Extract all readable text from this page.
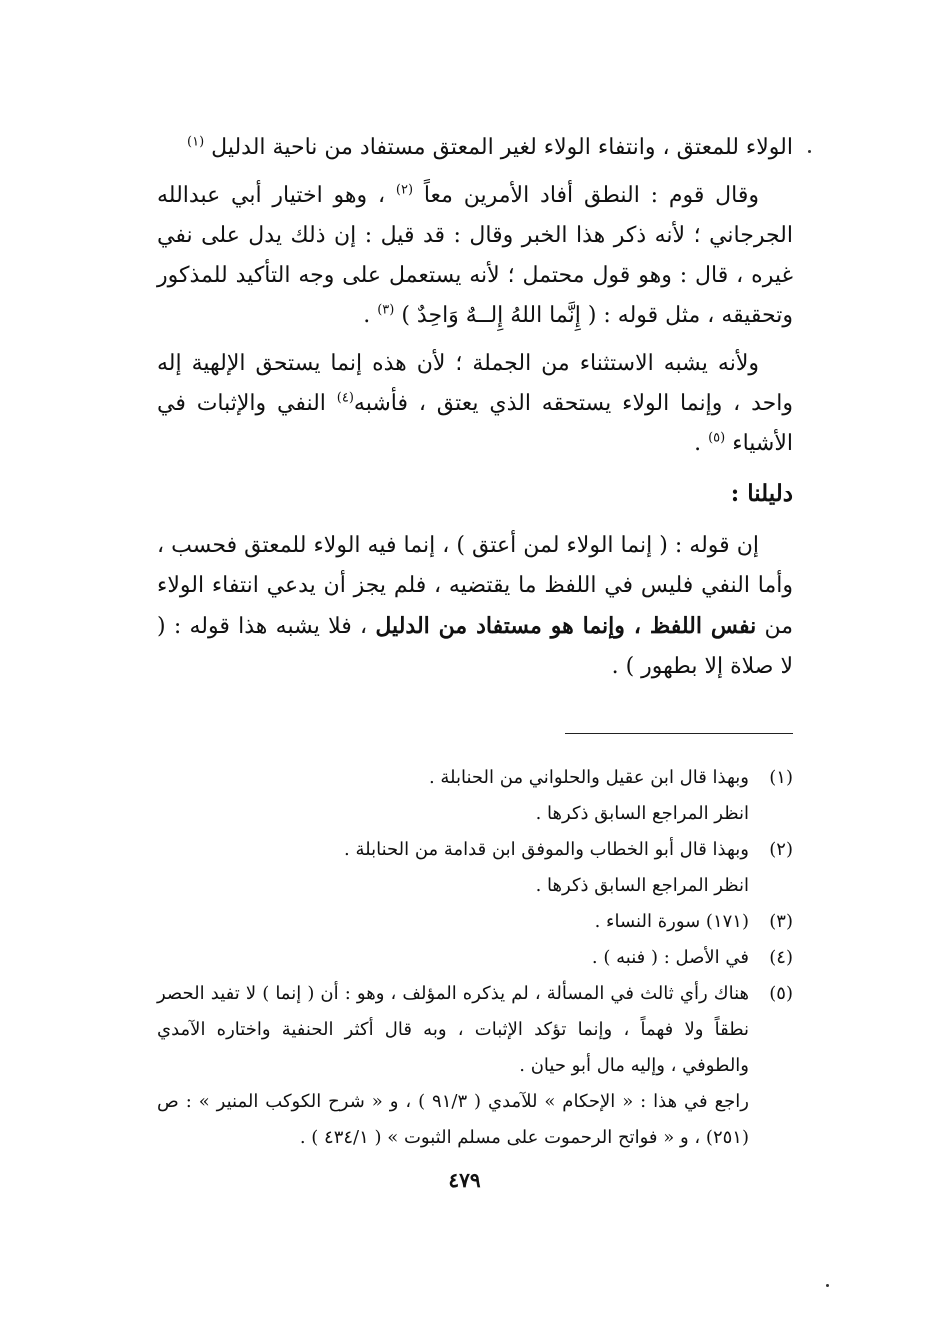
الولاء للمعتق ، وانتفاء الولاء لغير المعتق مستفاد من ناحية الدليل $^{(١)}$

وقال قوم : النطق أفاد الأمرين معاً $^{(٢)}$ ، وهو اختيار أبي عبدالله الجرجاني ؛ لأنه ذكر هذا الخبر وقال : قد قيل : إن ذلك يدل على نفي غيره ، قال : وهو قول محتمل ؛ لأنه يستعمل على وجه التأكيد للمذكور وتحقيقه ، مثل قوله : ( إِنَّما اللهُ إِلــهٌ وَاحِدٌ ) $^{(٣)}$ .

ولأنه يشبه الاستثناء من الجملة ؛ لأن هذه إنما يستحق الإلهية إله واحد ، وإنما الولاء يستحقه الذي يعتق ، فأشبه$^{(٤)}$ النفي والإثبات في الأشياء $^{(٥)}$ .

دليلنا :

إن قوله : ( إنما الولاء لمن أعتق ) ، إنما فيه الولاء للمعتق فحسب ، وأما النفي فليس في اللفظ ما يقتضيه ، فلم يجز أن يدعي انتفاء الولاء من نفس اللفظ ، وإنما هو مستفاد من الدليل ، فلا يشبه هذا قوله : ( لا صلاة إلا بطهور ) .

(١)
وبهذا قال ابن عقيل والحلواني من الحنابلة .
انظر المراجع السابق ذكرها .
(٢)
وبهذا قال أبو الخطاب والموفق ابن قدامة من الحنابلة .
انظر المراجع السابق ذكرها .
(٣)
(١٧١) سورة النساء .
(٤)
في الأصل : ( فنبه ) .
(٥)
هناك رأي ثالث في المسألة ، لم يذكره المؤلف ، وهو : أن ( إنما ) لا تفيد الحصر نطقاً ولا فهماً ، وإنما تؤكد الإثبات ، وبه قال أكثر الحنفية واختاره الآمدي والطوفي ، وإليه مال أبو حيان .
راجع في هذا : « الإحكام » للآمدي ( ٩١/٣ ) ، و « شرح الكوكب المنير » : ص (٢٥١) ، و « فواتح الرحموت على مسلم الثبوت » ( ٤٣٤/١ ) .
٤٧٩
